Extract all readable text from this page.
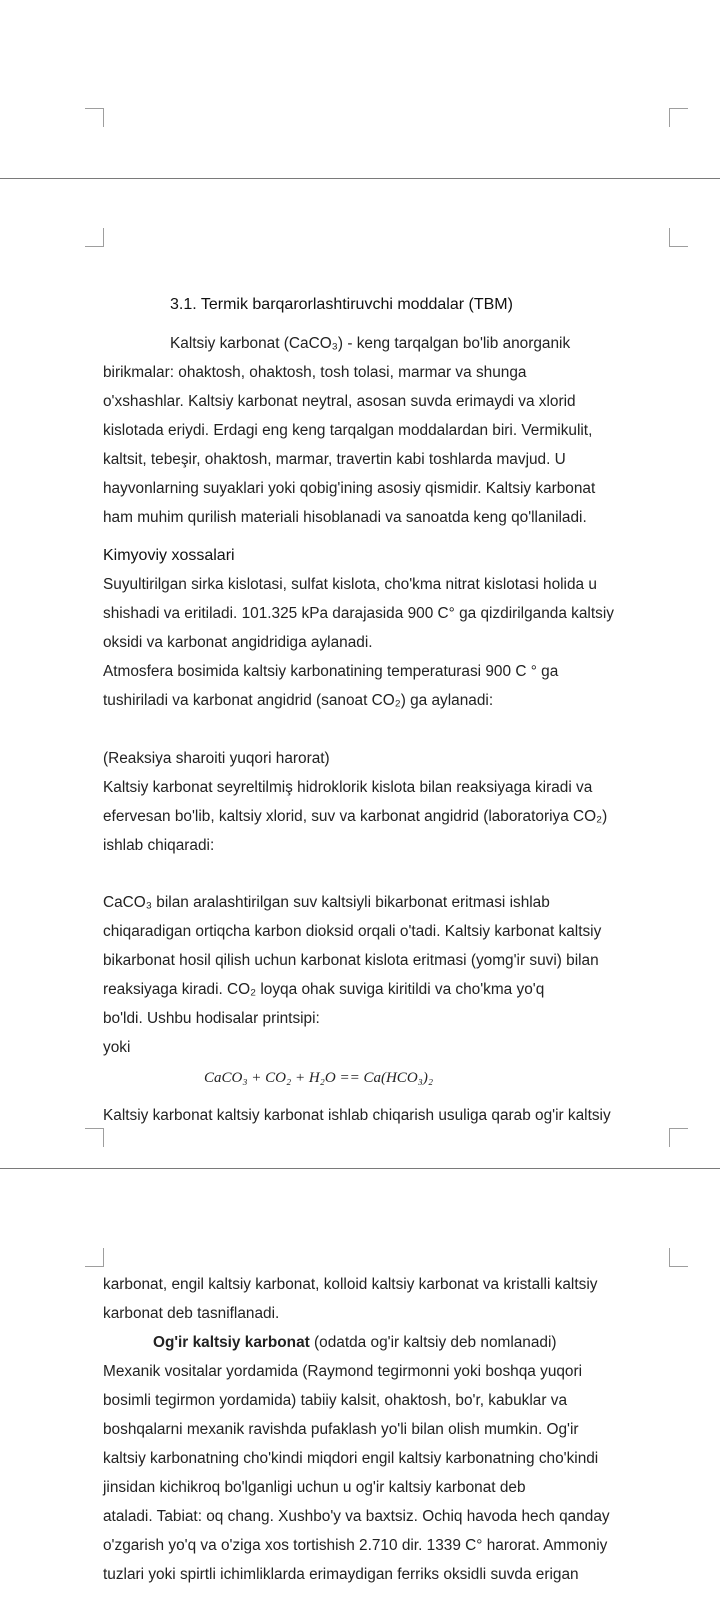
3.1. Termik barqarorlashtiruvchi moddalar (TBM)
Kaltsiy karbonat (CaCO₃) - keng tarqalgan bo'lib anorganik
birikmalar: ohaktosh, ohaktosh, tosh tolasi, marmar va shunga
o'xshashlar. Kaltsiy karbonat neytral, asosan suvda erimaydi va xlorid
kislotada eriydi. Erdagi eng keng tarqalgan moddalardan biri. Vermikulit,
kaltsit, tebeşir, ohaktosh, marmar, travertin kabi toshlarda mavjud. U
hayvonlarning suyaklari yoki qobig'ining asosiy qismidir. Kaltsiy karbonat
ham muhim qurilish materiali hisoblanadi va sanoatda keng qo'llaniladi.
Kimyoviy xossalari
Suyultirilgan sirka kislotasi, sulfat kislota, cho'kma nitrat kislotasi holida u
shishadi va eritiladi. 101.325 kPa darajasida 900 C° ga qizdirilganda kaltsiy
oksidi va karbonat angidridiga aylanadi.
Atmosfera bosimida kaltsiy karbonatining temperaturasi 900 C ° ga
tushiriladi va karbonat angidrid (sanoat CO₂) ga aylanadi:
(Reaksiya sharoiti yuqori harorat)
Kaltsiy karbonat seyreltilmiş hidroklorik kislota bilan reaksiyaga kiradi va
efervesan bo'lib, kaltsiy xlorid, suv va karbonat angidrid (laboratoriya CO₂)
ishlab chiqaradi:
CaCO₃ bilan aralashtirilgan suv kaltsiyli bikarbonat eritmasi ishlab
chiqaradigan ortiqcha karbon dioksid orqali o'tadi. Kaltsiy karbonat kaltsiy
bikarbonat hosil qilish uchun karbonat kislota eritmasi (yomg'ir suvi) bilan
reaksiyaga kiradi. CO₂ loyqa ohak suviga kiritildi va cho'kma yo'q
bo'ldi. Ushbu hodisalar printsipi:
yoki
CaCO₃ + CO₂ + H₂O == Ca(HCO₃)₂
Kaltsiy karbonat kaltsiy karbonat ishlab chiqarish usuliga qarab og'ir kaltsiy
karbonat, engil kaltsiy karbonat, kolloid kaltsiy karbonat va kristalli kaltsiy
karbonat deb tasniflanadi.
Og'ir kaltsiy karbonat (odatda og'ir kaltsiy deb nomlanadi)
Mexanik vositalar yordamida (Raymond tegirmonni yoki boshqa yuqori
bosimli tegirmon yordamida) tabiiy kalsit, ohaktosh, bo'r, kabuklar va
boshqalarni mexanik ravishda pufaklash yo'li bilan olish mumkin. Og'ir
kaltsiy karbonatning cho'kindi miqdori engil kaltsiy karbonatning cho'kindi
jinsidan kichikroq bo'lganligi uchun u og'ir kaltsiy karbonat deb
ataladi. Tabiat: oq chang. Xushbo'y va baxtsiz. Ochiq havoda hech qanday
o'zgarish yo'q va o'ziga xos tortishish 2.710 dir. 1339 C° harorat. Ammoniy
tuzlari yoki spirtli ichimliklarda erimaydigan ferriks oksidli suvda erigan
